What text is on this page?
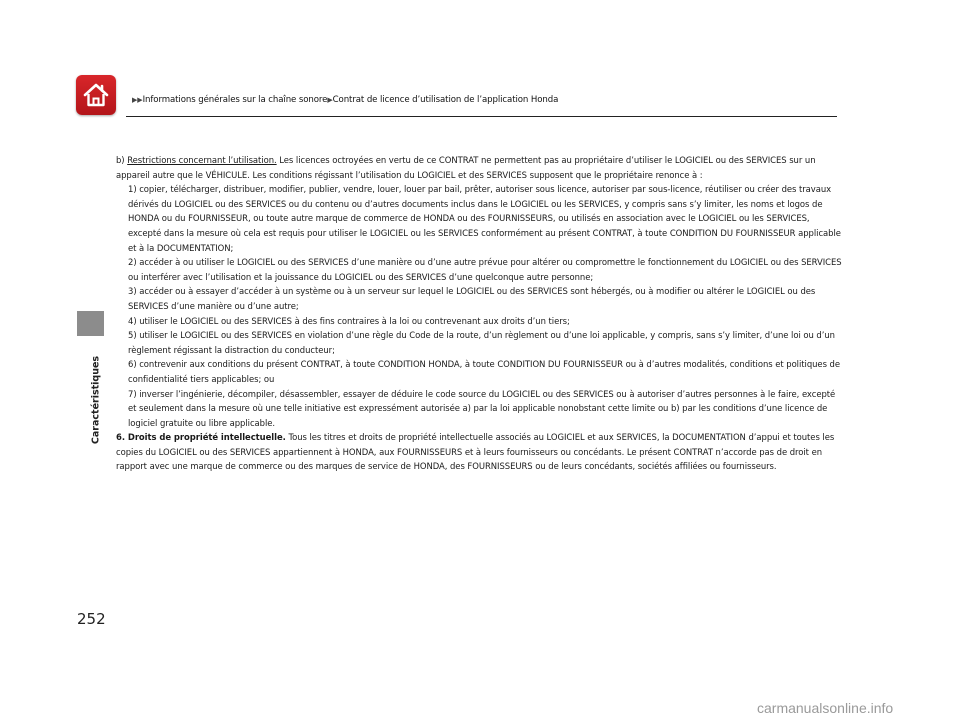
▶▶Informations générales sur la chaîne sonore▶Contrat de licence d’utilisation de l’application Honda
Caractéristiques

b) Restrictions concernant l’utilisation. Les licences octroyées en vertu de ce CONTRAT ne permettent pas au propriétaire d’utiliser le LOGICIEL ou des SERVICES sur un appareil autre que le VÉHICULE. Les conditions régissant l’utilisation du LOGICIEL et des SERVICES supposent que le propriétaire renonce à :

1) copier, télécharger, distribuer, modifier, publier, vendre, louer, louer par bail, prêter, autoriser sous licence, autoriser par sous-licence, réutiliser ou créer des travaux dérivés du LOGICIEL ou des SERVICES ou du contenu ou d’autres documents inclus dans le LOGICIEL ou les SERVICES, y compris sans s’y limiter, les noms et logos de HONDA ou du FOURNISSEUR, ou toute autre marque de commerce de HONDA ou des FOURNISSEURS, ou utilisés en association avec le LOGICIEL ou les SERVICES, excepté dans la mesure où cela est requis pour utiliser le LOGICIEL ou les SERVICES conformément au présent CONTRAT, à toute CONDITION DU FOURNISSEUR applicable et à la DOCUMENTATION;
2) accéder à ou utiliser le LOGICIEL ou des SERVICES d’une manière ou d’une autre prévue pour altérer ou compromettre le fonctionnement du LOGICIEL ou des SERVICES ou interférer avec l’utilisation et la jouissance du LOGICIEL ou des SERVICES d’une quelconque autre personne;
3) accéder ou à essayer d’accéder à un système ou à un serveur sur lequel le LOGICIEL ou des SERVICES sont hébergés, ou à modifier ou altérer le LOGICIEL ou des SERVICES d’une manière ou d’une autre;
4) utiliser le LOGICIEL ou des SERVICES à des fins contraires à la loi ou contrevenant aux droits d’un tiers;
5) utiliser le LOGICIEL ou des SERVICES en violation d’une règle du Code de la route, d’un règlement ou d’une loi applicable, y compris, sans s’y limiter, d’une loi ou d’un règlement régissant la distraction du conducteur;
6) contrevenir aux conditions du présent CONTRAT, à toute CONDITION HONDA, à toute CONDITION DU FOURNISSEUR ou à d’autres modalités, conditions et politiques de confidentialité tiers applicables; ou
7) inverser l’ingénierie, décompiler, désassembler, essayer de déduire le code source du LOGICIEL ou des SERVICES ou à autoriser d’autres personnes à le faire, excepté et seulement dans la mesure où une telle initiative est expressément autorisée a) par la loi applicable nonobstant cette limite ou b) par les conditions d’une licence de logiciel gratuite ou libre applicable.

6. Droits de propriété intellectuelle. Tous les titres et droits de propriété intellectuelle associés au LOGICIEL et aux SERVICES, la DOCUMENTATION d’appui et toutes les copies du LOGICIEL ou des SERVICES appartiennent à HONDA, aux FOURNISSEURS et à leurs fournisseurs ou concédants. Le présent CONTRAT n’accorde pas de droit en rapport avec une marque de commerce ou des marques de service de HONDA, des FOURNISSEURS ou de leurs concédants, sociétés affiliées ou fournisseurs.

252
carmanualsonline.info
